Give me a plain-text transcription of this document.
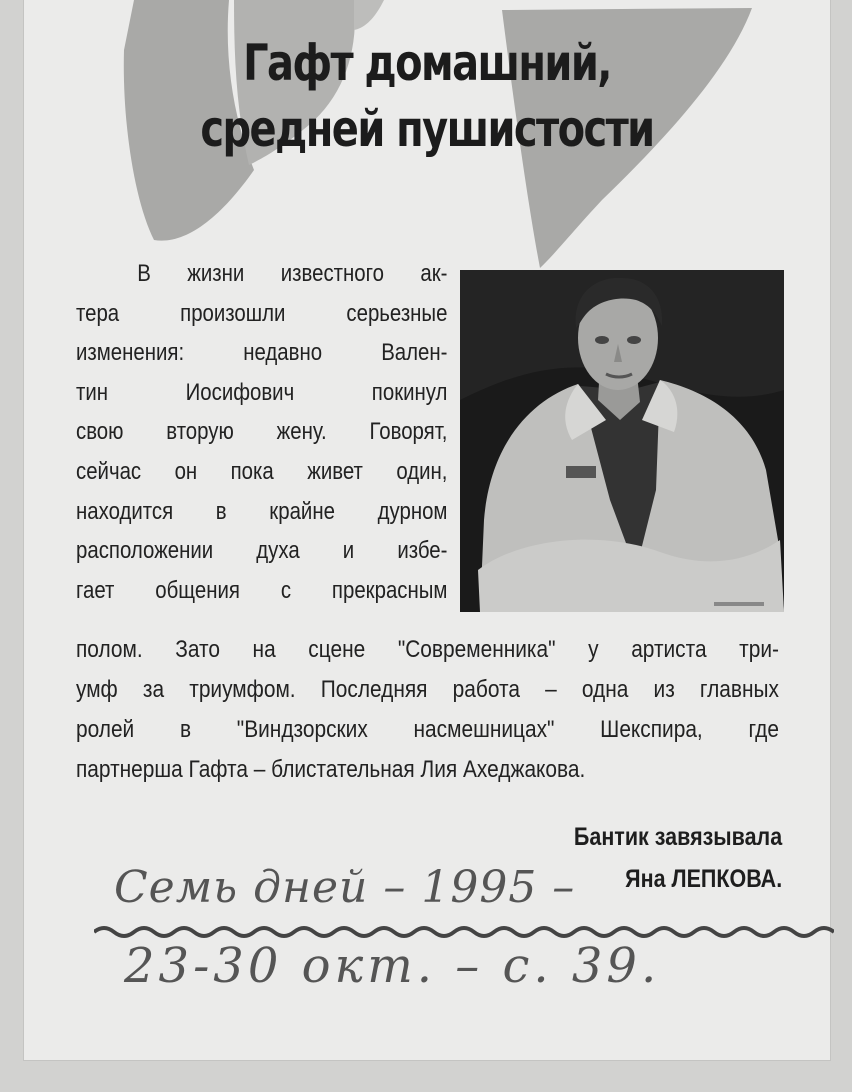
Гафт домашний,
средней пушистости
В жизни известного ак-
тера произошли серьезные
изменения: недавно Вален-
тин Иосифович покинул
свою вторую жену. Говорят,
сейчас он пока живет один,
находится в крайне дурном
расположении духа и избе-
гает общения с прекрасным
полом. Зато на сцене "Современника" у артиста три-
умф за триумфом. Последняя работа – одна из главных
ролей в "Виндзорских насмешницах" Шекспира, где
партнерша Гафта – блистательная Лия Ахеджакова.
Бантик завязывала
Яна ЛЕПКОВА.
Семь дней – 1995 –
23-30 окт. – с. 39.
